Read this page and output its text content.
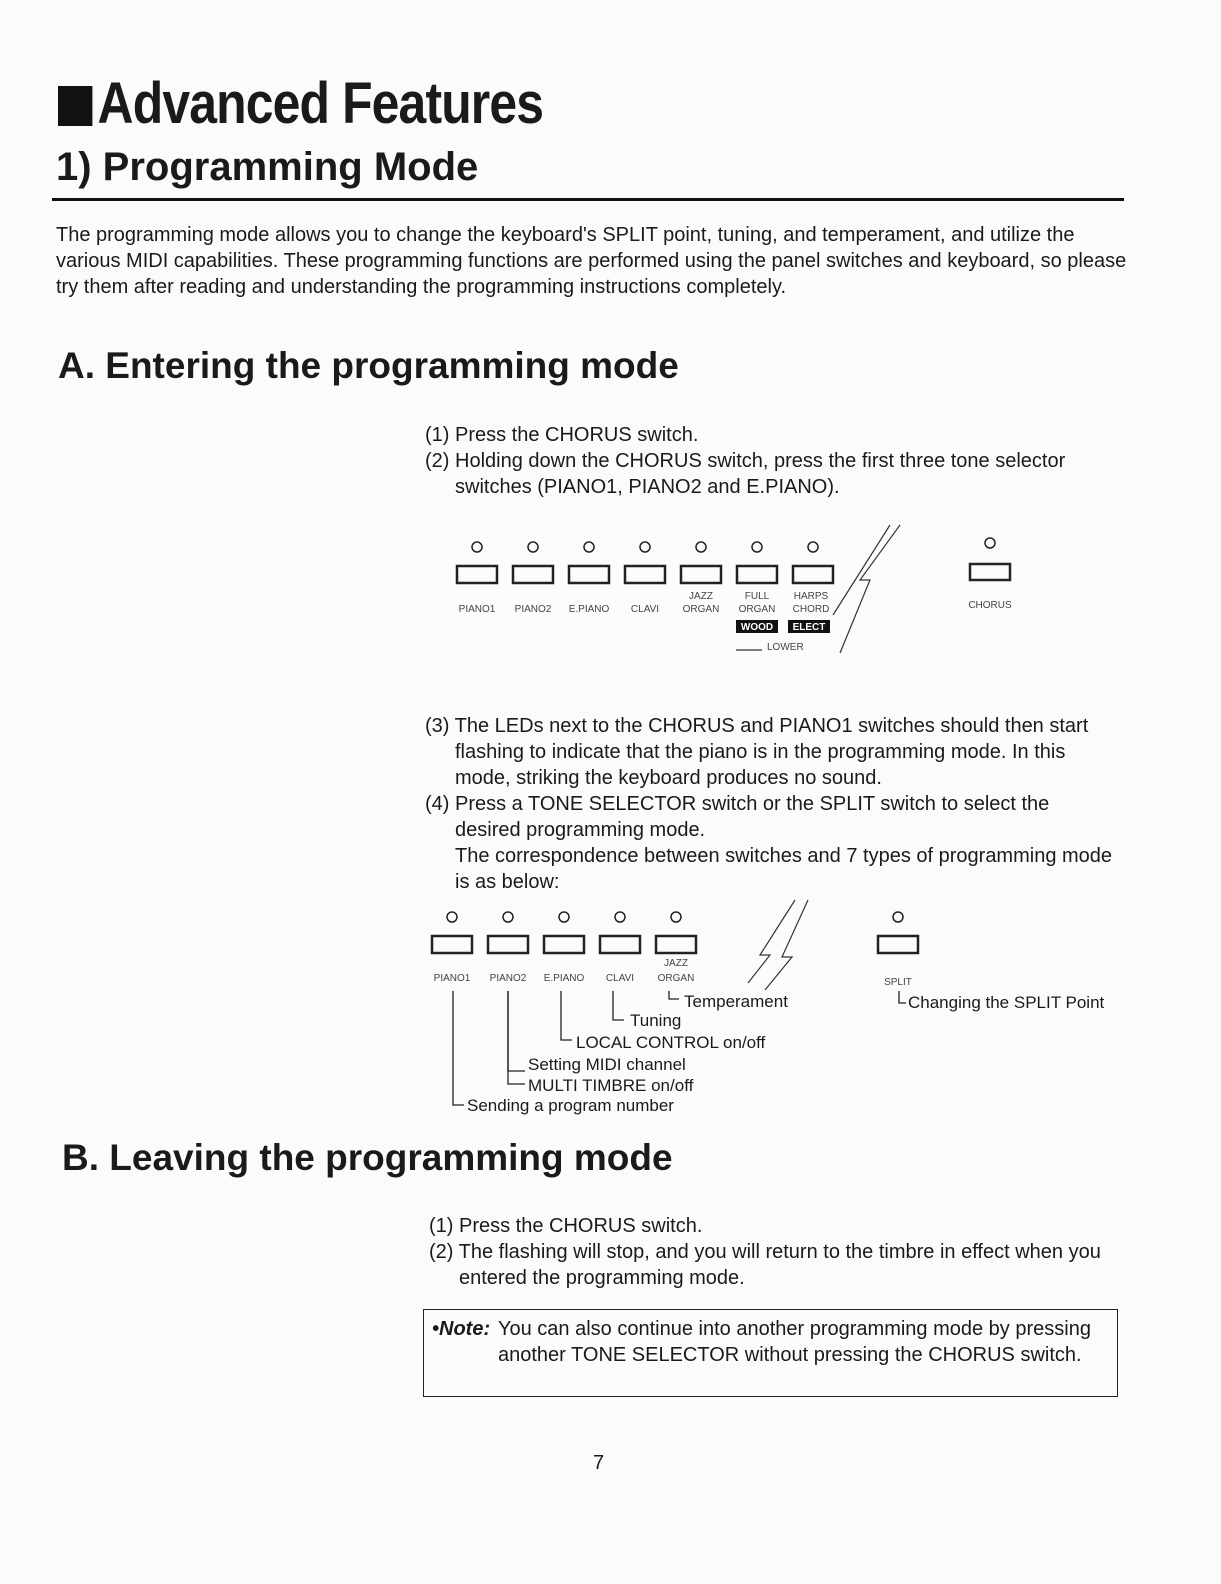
Advanced Features
1) Programming Mode

The programming mode allows you to change the keyboard's SPLIT point, tuning, and temperament, and utilize the various MIDI capabilities. These programming functions are performed using the panel switches and keyboard, so please try them after reading and understanding the programming instructions completely.

A. Entering the programming mode

(1) Press the CHORUS switch.

(2) Holding down the CHORUS switch, press the first three tone selector switches (PIANO1, PIANO2 and E.PIANO).

JAZZ	FULL HARPS
PIANO1 PIANO2 E.PIANO CLAVI ORGAN ORGAN CHORD	CHORUS
WOOD ELECT
LOWER

(3) The LEDs next to the CHORUS and PIANO1 switches should then start flashing to indicate that the piano is in the programming mode. In this mode, striking the keyboard produces no sound.

(4) Press a TONE SELECTOR switch or the SPLIT switch to select the desired programming mode.

The correspondence between switches and 7 types of programming mode is as below:

JAZZ
PIANO1 PIANO2 E.PIANO CLAVI ORGAN	SPLIT
Temperament
Tuning
LOCAL CONTROL on/off
Setting MIDI channel
MULTI TIMBRE on/off
Sending a program number
Changing the SPLIT Point
B. Leaving the programming mode

(1) Press the CHORUS switch.

(2) The flashing will stop, and you will return to the timbre in effect when you entered the programming mode.

•Note: You can also continue into another programming mode by pressing another TONE SELECTOR without pressing the CHORUS switch.
7
